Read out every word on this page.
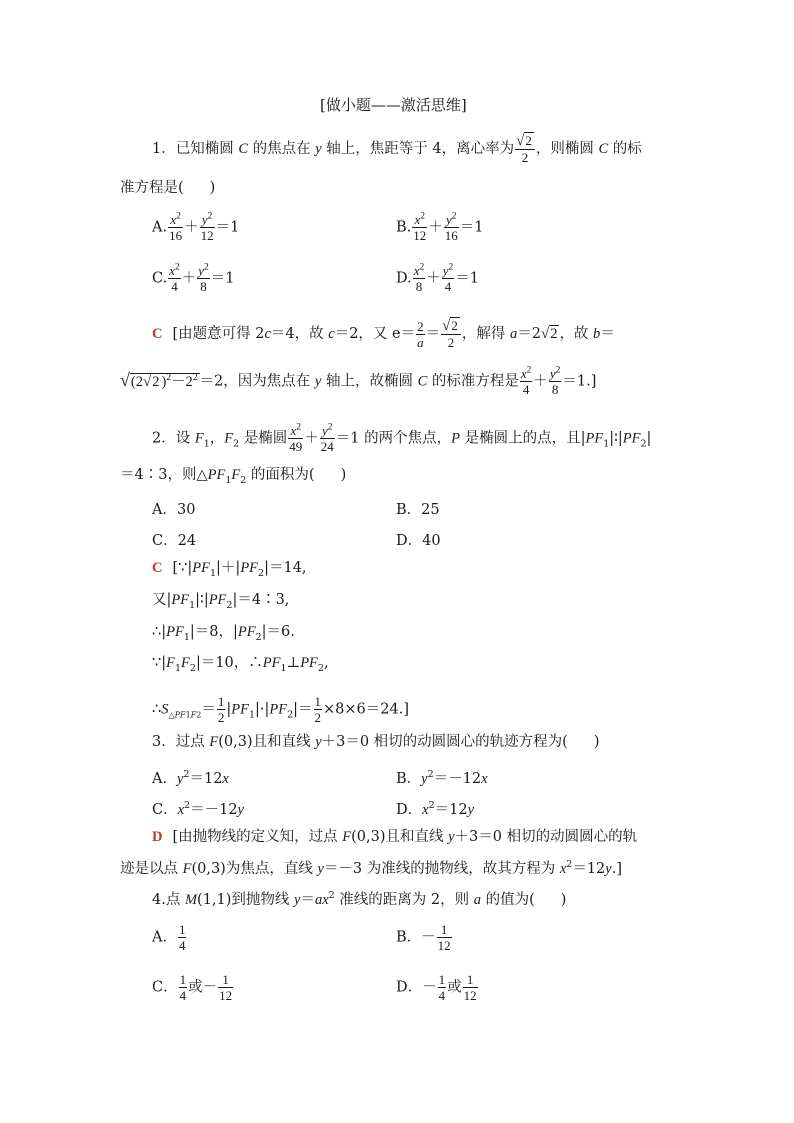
[做小题——激活思维]
1．已知椭圆 C 的焦点在 y 轴上，焦距等于 4，离心率为 $\frac{√2}{2}$ ，则椭圆 C 的标
准方程是( )
A. $\frac{x^2}{16} + \frac{y^2}{12} =1$	B. $\frac{x^2}{12} + \frac{y^2}{16} =1$
C. $\frac{x^2}{4} + \frac{y^2}{8} =1$	D. $\frac{x^2}{8} + \frac{y^2}{4} =1$
C [由题意可得 2c＝4，故 c＝2，又 $e= \frac{2}{a} = \frac{√2}{2}$ ，解得 a＝2√2 ，故 b＝
√(2√2 )$^2-2^2 =2$，因为焦点在 y 轴上，故椭圆 C 的标准方程是 $\frac{x^2}{4} + \frac{y^2}{8} =1$.]
2．设 $F_1$，$F_2$ 是椭圆 $\frac{x^2}{49} + \frac{y^2}{24} =1$ 的两个焦点，P 是椭圆上的点，且$|PF_1|∶|PF_2|$
＝4∶3，则$\triangle PF_1F_2$ 的面积为( )
A．30	B．25
C．24	D．40
C [$\because|PF_1|+|PF_2|=14$,
又$|PF_1|∶|PF_2|=4∶3$,
$\therefore|PF_1|=8$，$|PF_2|=6$.
$\because|F_1F_2|=10$，$\therefore PF_1\perp PF_2$,
$\therefore S_{\triangle PF1F2}= \frac{1}{2} |PF_1|\cdot|PF_2|= \frac{1}{2} \times 8\times 6=24$.]
3．过点 F(0,3)且和直线 y＋3＝0 相切的动圆圆心的轨迹方程为( )
A．$y^2=12x$	B．$y^2=-12x$
C．$x^2=-12y$	D．$x^2=12y$
D [由抛物线的定义知，过点 F(0,3)且和直线 y＋3＝0 相切的动圆圆心的轨
迹是以点 F(0,3)为焦点，直线 y＝－3 为准线的抛物线，故其方程为 $x^2=12y$.]
4.点 M(1,1)到抛物线 $y=ax^2$ 准线的距离为 2，则 a 的值为( )
A． $\frac{1}{4}$	B．－ $\frac{1}{12}$
C． $\frac{1}{4}$ 或－ $\frac{1}{12}$	D．－ $\frac{1}{4}$ 或 $\frac{1}{12}$
